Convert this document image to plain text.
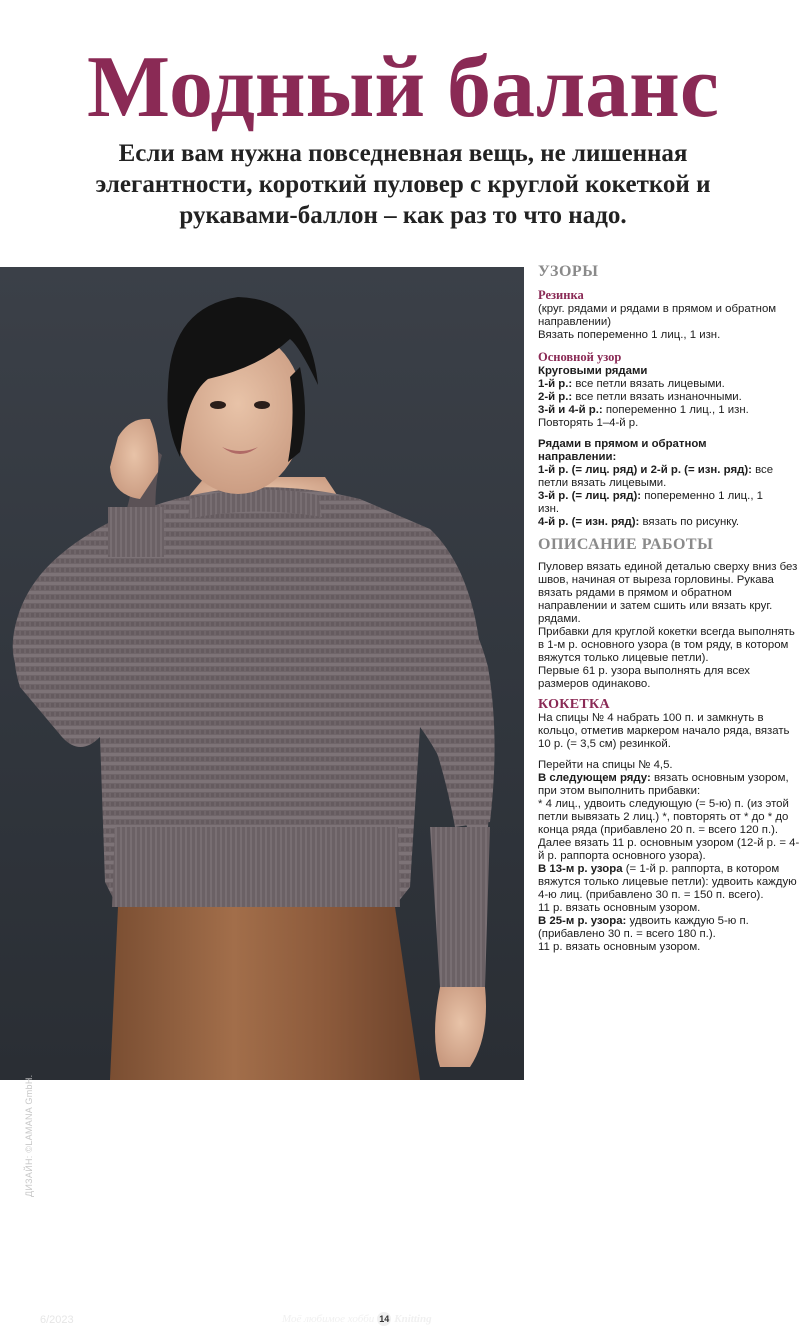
Модный баланс
Если вам нужна повседневная вещь, не лишенная элегантности, короткий пуловер с круглой кокеткой и рукавами-баллон – как раз то что надо.
ДИЗАЙН: ©LAMANA GmbH.
6/2023	Моё любимое хобби 14 Knitting
УЗОРЫ
Резинка

(круг. рядами и рядами в прямом и обратном направлении)
Вязать попеременно 1 лиц., 1 изн.

Основной узор

Круговыми рядами

1-й р.: все петли вязать лицевыми.

2-й р.: все петли вязать изнаночными.

3-й и 4-й р.: попеременно 1 лиц., 1 изн.

Повторять 1–4-й р.

Рядами в прямом и обратном направлении:

1-й р. (= лиц. ряд) и 2-й р. (= изн. ряд): все петли вязать лицевыми.

3-й р. (= лиц. ряд): попеременно 1 лиц., 1 изн.

4-й р. (= изн. ряд): вязать по рисунку.

ОПИСАНИЕ РАБОТЫ

Пуловер вязать единой деталью сверху вниз без швов, начиная от выреза горловины. Рукава вязать рядами в прямом и обратном направлении и затем сшить или вязать круг. рядами.
Прибавки для круглой кокетки всегда выполнять в 1-м р. основного узора (в том ряду, в котором вяжутся только лицевые петли).
Первые 61 р. узора выполнять для всех размеров одинаково.

КОКЕТКА

На спицы № 4 набрать 100 п. и замкнуть в кольцо, отметив маркером начало ряда, вязать 10 р. (= 3,5 см) резинкой.

Перейти на спицы № 4,5.

В следующем ряду: вязать основным узором, при этом выполнить прибавки:
* 4 лиц., удвоить следующую (= 5-ю) п. (из этой петли вывязать 2 лиц.) *, повторять от * до * до конца ряда (прибавлено 20 п. = всего 120 п.).
Далее вязать 11 р. основным узором (12-й р. = 4-й р. раппорта основного узора).

В 13-м р. узора (= 1-й р. раппорта, в котором вяжутся только лицевые петли): удвоить каждую 4-ю лиц. (прибавлено 30 п. = 150 п. всего).
11 р. вязать основным узором.

В 25-м р. узора: удвоить каждую 5-ю п. (прибавлено 30 п. = всего 180 п.).
11 р. вязать основным узором.
